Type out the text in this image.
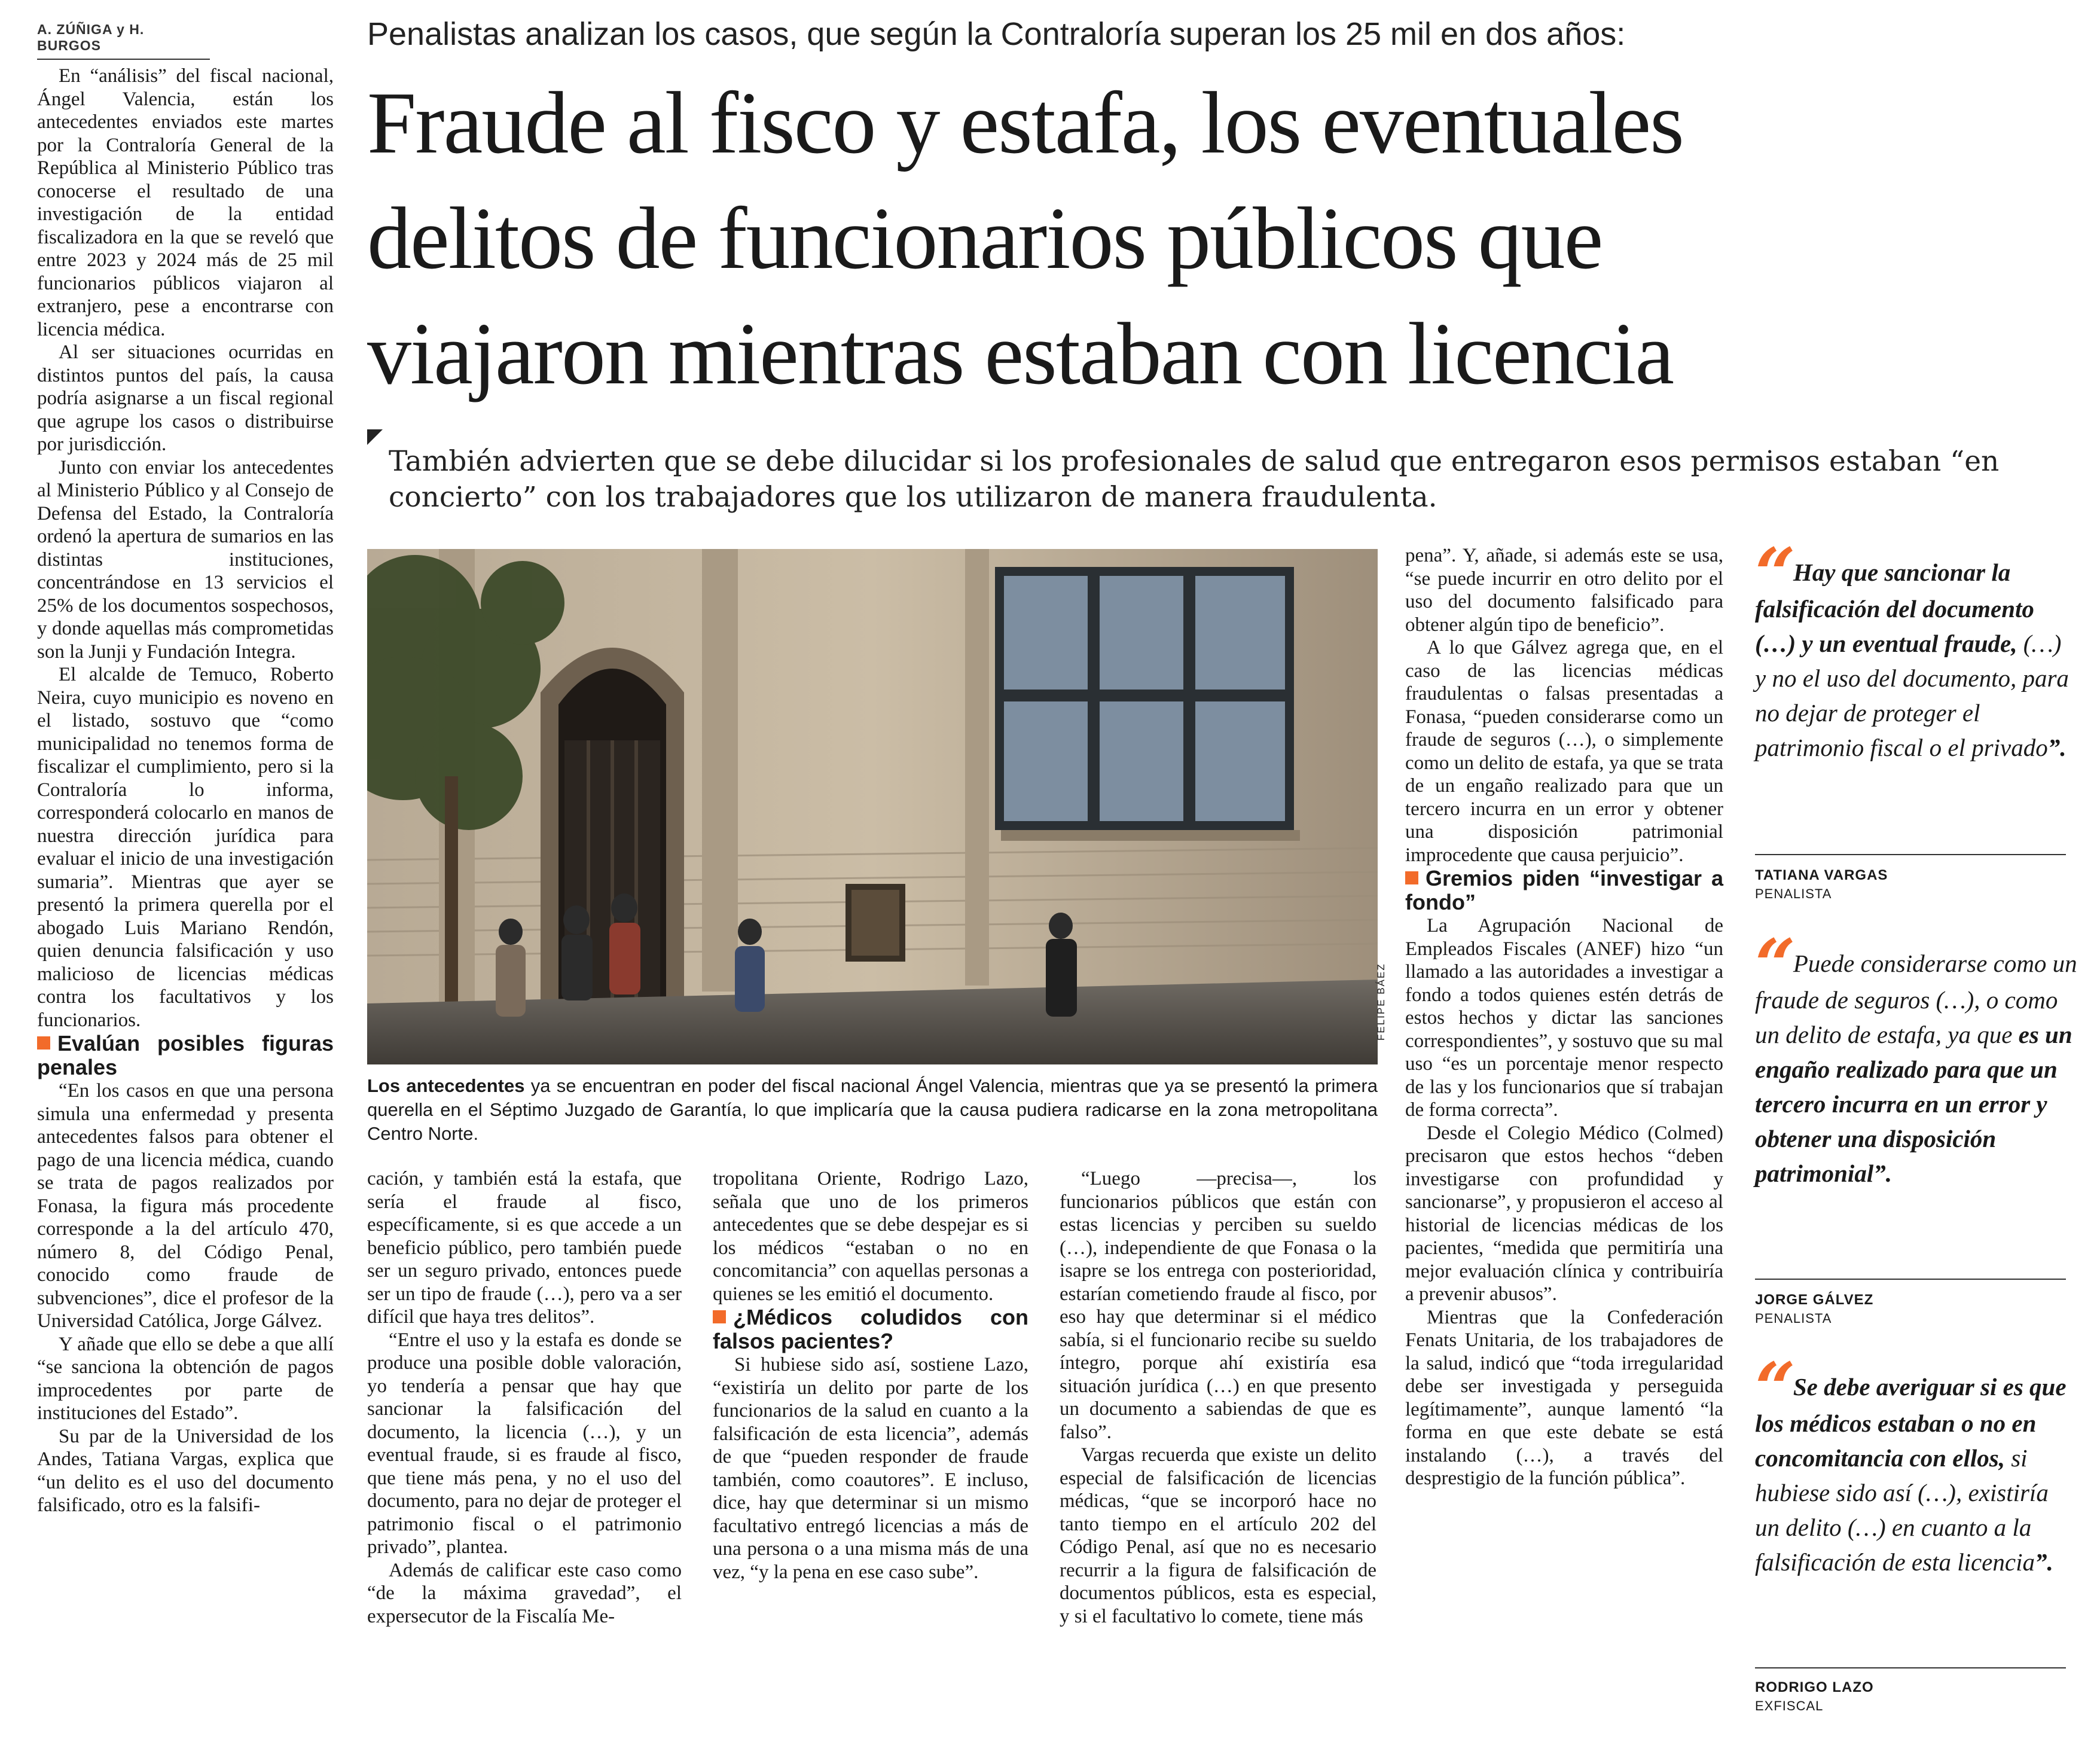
A. ZÚÑIGA y H. BURGOS	Penalistas analizan los casos, que según la Contraloría superan los 25 mil en dos años:
Fraude al fisco y estafa, los eventuales
delitos de funcionarios públicos que
viajaron mientras estaban con licencia
También advierten que se debe dilucidar si los profesionales de salud que entregaron esos permisos estaban “en concierto” con los trabajadores que los utilizaron de manera fraudulenta.

En “análisis” del fiscal nacional, Ángel Valencia, están los antecedentes enviados este martes por la Contraloría General de la República al Ministerio Público tras conocerse el resultado de una investigación de la entidad fiscalizadora en la que se reveló que entre 2023 y 2024 más de 25 mil funcionarios públicos viajaron al extranjero, pese a encontrarse con licencia médica.

Al ser situaciones ocurridas en distintos puntos del país, la causa podría asignarse a un fiscal regional que agrupe los casos o distribuirse por jurisdicción.

Junto con enviar los antecedentes al Ministerio Público y al Consejo de Defensa del Estado, la Contraloría ordenó la apertura de sumarios en las distintas instituciones, concentrándose en 13 servicios el 25% de los documentos sospechosos, y donde aquellas más comprometidas son la Junji y Fundación Integra.

El alcalde de Temuco, Roberto Neira, cuyo municipio es noveno en el listado, sostuvo que “como municipalidad no tenemos forma de fiscalizar el cumplimiento, pero si la Contraloría lo informa, corresponderá colocarlo en manos de nuestra dirección jurídica para evaluar el inicio de una investigación sumaria”. Mientras que ayer se presentó la primera querella por el abogado Luis Mariano Rendón, quien denuncia falsificación y uso malicioso de licencias médicas contra los facultativos y los funcionarios.

Evalúan posibles figuras penales

“En los casos en que una persona simula una enfermedad y presenta antecedentes falsos para obtener el pago de una licencia médica, cuando se trata de pagos realizados por Fonasa, la figura más procedente corresponde a la del artículo 470, número 8, del Código Penal, conocido como fraude de subvenciones”, dice el profesor de la Universidad Católica, Jorge Gálvez.

Y añade que ello se debe a que allí “se sanciona la obtención de pagos improcedentes por parte de instituciones del Estado”.

Su par de la Universidad de los Andes, Tatiana Vargas, explica que “un delito es el uso del documento falsificado, otro es la falsifi-

FELIPE BÁEZ
Los antecedentes ya se encuentran en poder del fiscal nacional Ángel Valencia, mientras que ya se presentó la primera querella en el Séptimo Juzgado de Garantía, lo que implicaría que la causa pudiera radicarse en la zona metropolitana Centro Norte.

cación, y también está la estafa, que sería el fraude al fisco, específicamente, si es que accede a un beneficio público, pero también puede ser un seguro privado, entonces puede ser un tipo de fraude (…), pero va a ser difícil que haya tres delitos”.

“Entre el uso y la estafa es donde se produce una posible doble valoración, yo tendería a pensar que hay que sancionar la falsificación del documento, la licencia (…), y un eventual fraude, si es fraude al fisco, que tiene más pena, y no el uso del documento, para no dejar de proteger el patrimonio fiscal o el patrimonio privado”, plantea.

Además de calificar este caso como “de la máxima gravedad”, el expersecutor de la Fiscalía Me-

tropolitana Oriente, Rodrigo Lazo, señala que uno de los primeros antecedentes que se debe despejar es si los médicos “estaban o no en concomitancia” con aquellas personas a quienes se les emitió el documento.

¿Médicos coludidos con falsos pacientes?

Si hubiese sido así, sostiene Lazo, “existiría un delito por parte de los funcionarios de la salud en cuanto a la falsificación de esta licencia”, además de que “pueden responder de fraude también, como coautores”. E incluso, dice, hay que determinar si un mismo facultativo entregó licencias a más de una persona o a una misma más de una vez, “y la pena en ese caso sube”.

“Luego —precisa—, los funcionarios públicos que están con estas licencias y perciben su sueldo (…), independiente de que Fonasa o la isapre se los entrega con posterioridad, estarían cometiendo fraude al fisco, por eso hay que determinar si el médico sabía, si el funcionario recibe su sueldo íntegro, porque ahí existiría esa situación jurídica (…) en que presento un documento a sabiendas de que es falso”.

Vargas recuerda que existe un delito especial de falsificación de licencias médicas, “que se incorporó hace no tanto tiempo en el artículo 202 del Código Penal, así que no es necesario recurrir a la figura de falsificación de documentos públicos, esta es especial, y si el facultativo lo comete, tiene más

pena”. Y, añade, si además este se usa, “se puede incurrir en otro delito por el uso del documento falsificado para obtener algún tipo de beneficio”.

A lo que Gálvez agrega que, en el caso de las licencias médicas fraudulentas o falsas presentadas a Fonasa, “pueden considerarse como un fraude de seguros (…), o simplemente como un delito de estafa, ya que se trata de un engaño realizado para que un tercero incurra en un error y obtener una disposición patrimonial improcedente que causa perjuicio”.

Gremios piden “investigar a fondo”

La Agrupación Nacional de Empleados Fiscales (ANEF) hizo “un llamado a las autoridades a investigar a fondo a todos quienes estén detrás de estos hechos y dictar las sanciones correspondientes”, y sostuvo que su mal uso “es un porcentaje menor respecto de las y los funcionarios que sí trabajan de forma correcta”.

Desde el Colegio Médico (Colmed) precisaron que estos hechos “deben investigarse con profundidad y sancionarse”, y propusieron el acceso al historial de licencias médicas de los pacientes, “medida que permitiría una mejor evaluación clínica y contribuiría a prevenir abusos”.

Mientras que la Confederación Fenats Unitaria, de los trabajadores de la salud, indicó que “toda irregularidad debe ser investigada y perseguida legítimamente”, aunque lamentó “la forma en que este debate se está instalando (…), a través del desprestigio de la función pública”.

“ Hay que sancionar la falsificación del documento (…) y un eventual fraude, (…) y no el uso del documento, para no dejar de proteger el patrimonio fiscal o el privado”.
TATIANA VARGAS
PENALISTA
“ Puede considerarse como un fraude de seguros (…), o como un delito de estafa, ya que es un engaño realizado para que un tercero incurra en un error y obtener una disposición patrimonial”.
JORGE GÁLVEZ
PENALISTA
“ Se debe averiguar si es que los médicos estaban o no en concomitancia con ellos, si hubiese sido así (…), existiría un delito (…) en cuanto a la falsificación de esta licencia”.
RODRIGO LAZO
EXFISCAL
